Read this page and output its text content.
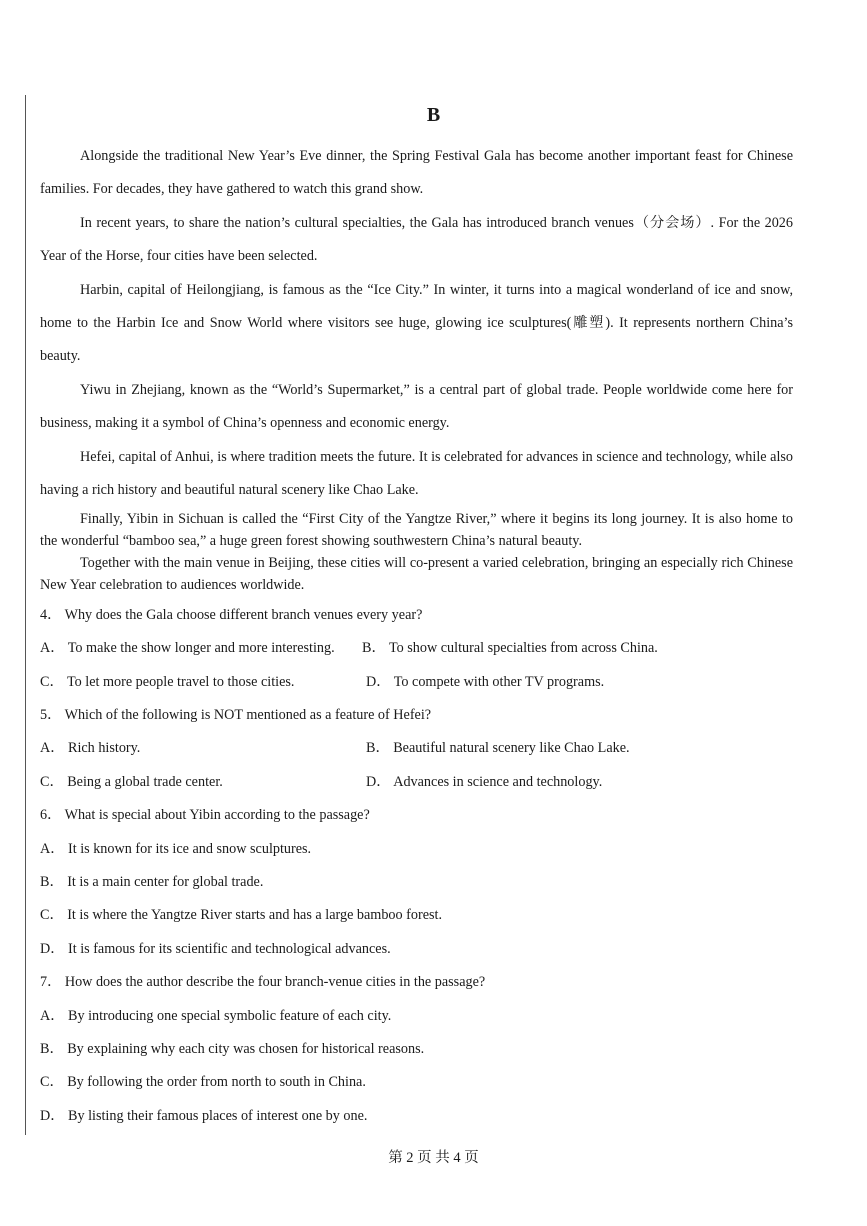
B

Alongside the traditional New Year’s Eve dinner, the Spring Festival Gala has become another important feast for Chinese families. For decades, they have gathered to watch this grand show.

In recent years, to share the nation’s cultural specialties, the Gala has introduced branch venues（分会场）. For the 2026 Year of the Horse, four cities have been selected.

Harbin, capital of Heilongjiang, is famous as the “Ice City.” In winter, it turns into a magical wonderland of ice and snow, home to the Harbin Ice and Snow World where visitors see huge, glowing ice sculptures(雕塑). It represents northern China’s beauty.

Yiwu in Zhejiang, known as the “World’s Supermarket,” is a central part of global trade. People worldwide come here for business, making it a symbol of China’s openness and economic energy.

Hefei, capital of Anhui, is where tradition meets the future. It is celebrated for advances in science and technology, while also having a rich history and beautiful natural scenery like Chao Lake.

Finally, Yibin in Sichuan is called the “First City of the Yangtze River,” where it begins its long journey. It is also home to the wonderful “bamboo sea,” a huge green forest showing southwestern China’s natural beauty.

Together with the main venue in Beijing, these cities will co-present a varied celebration, bringing an especially rich Chinese New Year celebration to audiences worldwide.

4． Why does the Gala choose different branch venues every year?
A． To make the show longer and more interesting. B． To show cultural specialties from across China.
C． To let more people travel to those cities.	D． To compete with other TV programs.
5． Which of the following is NOT mentioned as a feature of Hefei?
A． Rich history.	B． Beautiful natural scenery like Chao Lake.
C． Being a global trade center.	D． Advances in science and technology.
6． What is special about Yibin according to the passage?
A． It is known for its ice and snow sculptures.
B． It is a main center for global trade.
C． It is where the Yangtze River starts and has a large bamboo forest.
D． It is famous for its scientific and technological advances.
7． How does the author describe the four branch-venue cities in the passage?
A． By introducing one special symbolic feature of each city.
B． By explaining why each city was chosen for historical reasons.
C． By following the order from north to south in China.
D． By listing their famous places of interest one by one.
第 2 页 共 4 页
